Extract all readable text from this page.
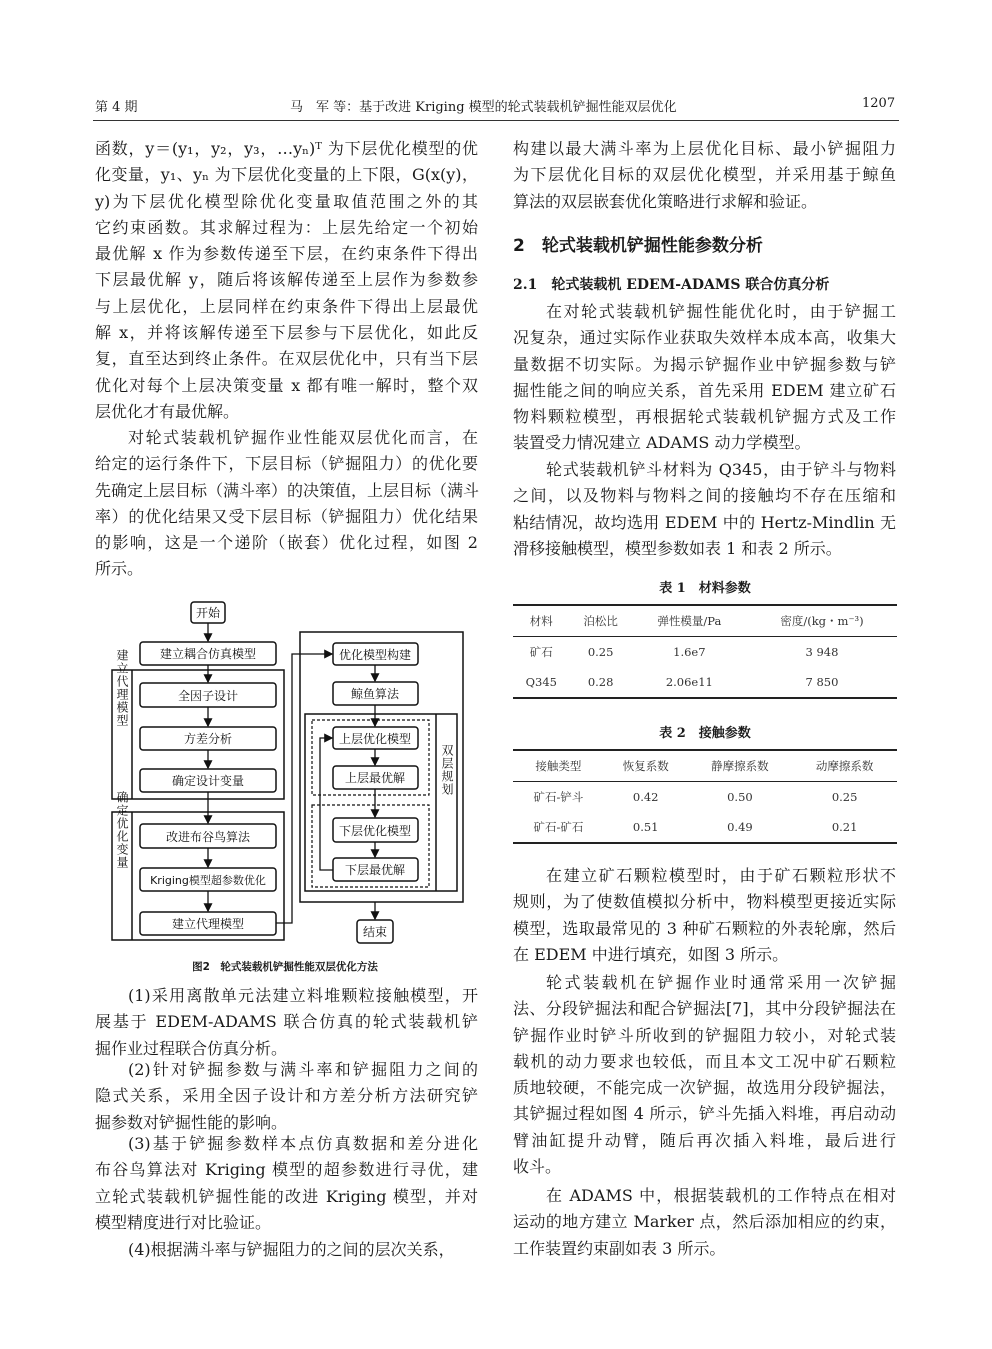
第 4 期	马　军 等：基于改进 Kriging 模型的轮式装载机铲掘性能双层优化	1207
函数，y＝(y₁，y₂，y₃，…yₙ)ᵀ 为下层优化模型的优
化变量，y₁、yₙ 为下层优化变量的上下限，G(x(y)，
y)为下层优化模型除优化变量取值范围之外的其
它约束函数。其求解过程为：上层先给定一个初始
最优解 x 作为参数传递至下层，在约束条件下得出
下层最优解 y，随后将该解传递至上层作为参数参
与上层优化，上层同样在约束条件下得出上层最优
解 x，并将该解传递至下层参与下层优化，如此反
复，直至达到终止条件。在双层优化中，只有当下层
优化对每个上层决策变量 x 都有唯一解时，整个双
层优化才有最优解。
对轮式装载机铲掘作业性能双层优化而言，在
给定的运行条件下，下层目标（铲掘阻力）的优化要
先确定上层目标（满斗率）的决策值，上层目标（满斗
率）的优化结果又受下层目标（铲掘阻力）优化结果
的影响，这是一个递阶（嵌套）优化过程，如图 2
所示。
(1)采用离散单元法建立料堆颗粒接触模型，开
展基于 EDEM-ADAMS 联合仿真的轮式装载机铲
掘作业过程联合仿真分析。
(2)针对铲掘参数与满斗率和铲掘阻力之间的
隐式关系，采用全因子设计和方差分析方法研究铲
掘参数对铲掘性能的影响。
(3)基于铲掘参数样本点仿真数据和差分进化
布谷鸟算法对 Kriging 模型的超参数进行寻优，建
立轮式装载机铲掘性能的改进 Kriging 模型，并对
模型精度进行对比验证。
(4)根据满斗率与铲掘阻力的之间的层次关系，
构建以最大满斗率为上层优化目标、最小铲掘阻力
为下层优化目标的双层优化模型，并采用基于鲸鱼
算法的双层嵌套优化策略进行求解和验证。
2　轮式装载机铲掘性能参数分析
2.1　轮式装载机 EDEM-ADAMS 联合仿真分析
在对轮式装载机铲掘性能优化时，由于铲掘工
况复杂，通过实际作业获取失效样本成本高，收集大
量数据不切实际。为揭示铲掘作业中铲掘参数与铲
掘性能之间的响应关系，首先采用 EDEM 建立矿石
物料颗粒模型，再根据轮式装载机铲掘方式及工作
装置受力情况建立 ADAMS 动力学模型。
轮式装载机铲斗材料为 Q345，由于铲斗与物料
之间，以及物料与物料之间的接触均不存在压缩和
粘结情况，故均选用 EDEM 中的 Hertz-Mindlin 无
滑移接触模型，模型参数如表 1 和表 2 所示。
在建立矿石颗粒模型时，由于矿石颗粒形状不
规则，为了使数值模拟分析中，物料模型更接近实际
模型，选取最常见的 3 种矿石颗粒的外表轮廓，然后
在 EDEM 中进行填充，如图 3 所示。
轮式装载机在铲掘作业时通常采用一次铲掘
法、分段铲掘法和配合铲掘法[7]，其中分段铲掘法在
铲掘作业时铲斗所收到的铲掘阻力较小，对轮式装
载机的动力要求也较低，而且本文工况中矿石颗粒
质地较硬，不能完成一次铲掘，故选用分段铲掘法，
其铲掘过程如图 4 所示，铲斗先插入料堆，再启动动
臂油缸提升动臂，随后再次插入料堆，最后进行
收斗。
在 ADAMS 中，根据装载机的工作特点在相对
运动的地方建立 Marker 点，然后添加相应的约束，
工作装置约束副如表 3 所示。
表 1　材料参数
材料	泊松比	弹性模量/Pa	密度/(kg・m⁻³)
矿石	0.25	1.6e7	3 948
Q345	0.28	2.06e11	7 850
表 2　接触参数
接触类型	恢复系数	静摩擦系数	动摩擦系数
矿石-铲斗	0.42	0.50	0.25
矿石-矿石	0.51	0.49	0.21
开始
建立耦合仿真模型
全因子设计
方差分析
确定设计变量
改进布谷鸟算法
Kriging模型超参数优化
建立代理模型
优化模型构建
鲸鱼算法
上层优化模型
上层最优解
下层优化模型
下层最优解
结束
建立代理模型
确定优化变量
双层规划
图2　轮式装载机铲掘性能双层优化方法
